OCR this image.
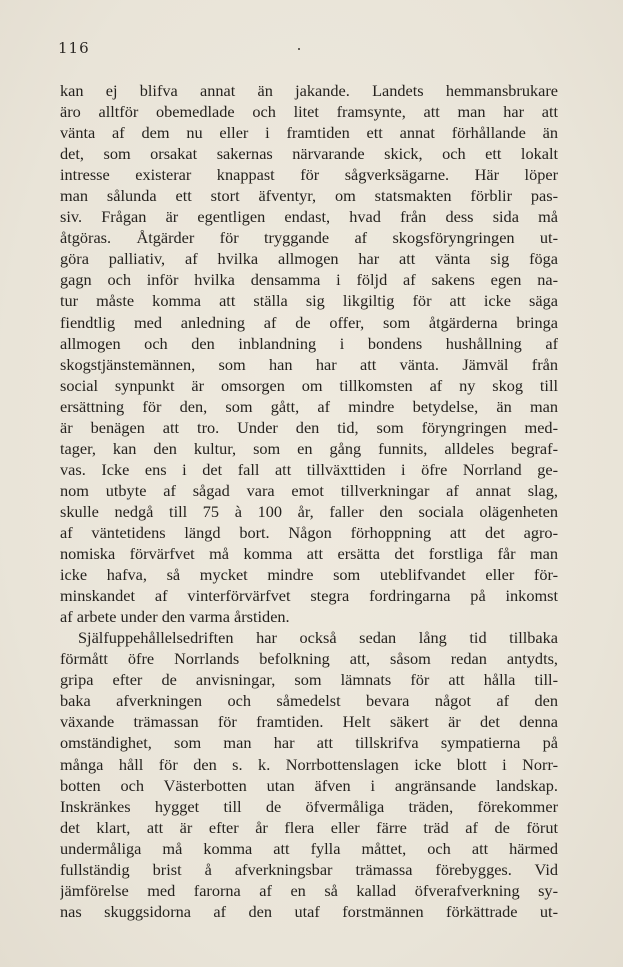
116
kan ej blifva annat än jakande. Landets hemmansbrukare
äro alltför obemedlade och litet framsynte, att man har att
vänta af dem nu eller i framtiden ett annat förhållande än
det, som orsakat sakernas närvarande skick, och ett lokalt
intresse existerar knappast för sågverksägarne. Här löper
man sålunda ett stort äfventyr, om statsmakten förblir pas-
siv. Frågan är egentligen endast, hvad från dess sida må
åtgöras. Åtgärder för tryggande af skogsföryngringen ut-
göra palliativ, af hvilka allmogen har att vänta sig föga
gagn och inför hvilka densamma i följd af sakens egen na-
tur måste komma att ställa sig likgiltig för att icke säga
fiendtlig med anledning af de offer, som åtgärderna bringa
allmogen och den inblandning i bondens hushållning af
skogstjänstemännen, som han har att vänta. Jämväl från
social synpunkt är omsorgen om tillkomsten af ny skog till
ersättning för den, som gått, af mindre betydelse, än man
är benägen att tro. Under den tid, som föryngringen med-
tager, kan den kultur, som en gång funnits, alldeles begraf-
vas. Icke ens i det fall att tillväxttiden i öfre Norrland ge-
nom utbyte af sågad vara emot tillverkningar af annat slag,
skulle nedgå till 75 à 100 år, faller den sociala olägenheten
af väntetidens längd bort. Någon förhoppning att det agro-
nomiska förvärfvet må komma att ersätta det forstliga får man
icke hafva, så mycket mindre som uteblifvandet eller för-
minskandet af vinterförvärfvet stegra fordringarna på inkomst
af arbete under den varma årstiden.
Själfuppehållelsedriften har också sedan lång tid tillbaka
förmått öfre Norrlands befolkning att, såsom redan antydts,
gripa efter de anvisningar, som lämnats för att hålla till-
baka afverkningen och såmedelst bevara något af den
växande trämassan för framtiden. Helt säkert är det denna
omständighet, som man har att tillskrifva sympatierna på
många håll för den s. k. Norrbottenslagen icke blott i Norr-
botten och Västerbotten utan äfven i angränsande landskap.
Inskränkes hygget till de öfvermåliga träden, förekommer
det klart, att är efter år flera eller färre träd af de förut
undermåliga må komma att fylla måttet, och att härmed
fullständig brist å afverkningsbar trämassa förebygges. Vid
jämförelse med farorna af en så kallad öfverafverkning sy-
nas skuggsidorna af den utaf forstmännen förkättrade ut-
